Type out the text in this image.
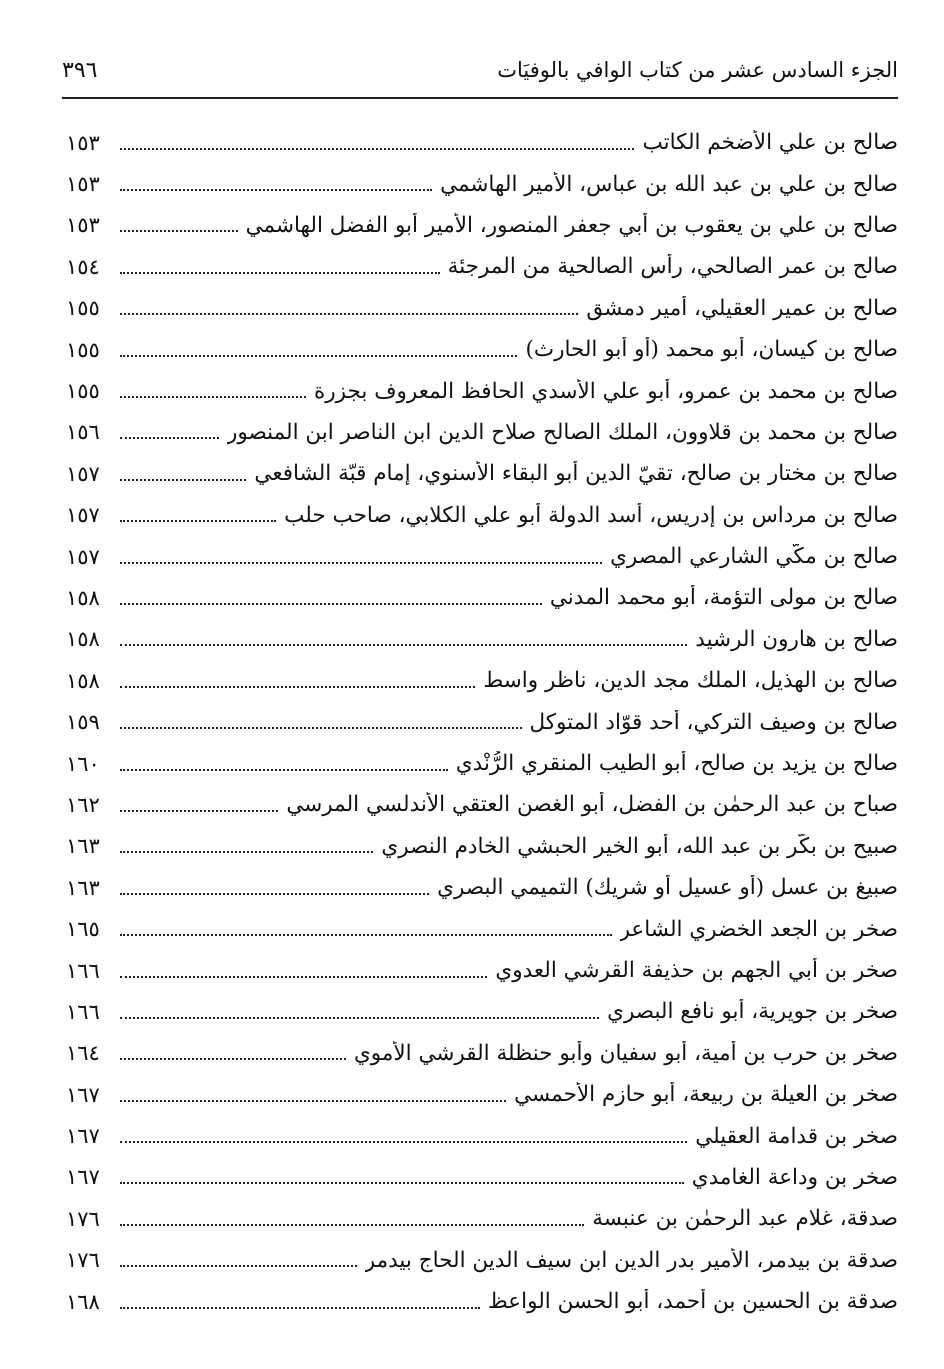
الجزء السادس عشر من كتاب الوافي بالوفيَات
٣٩٦
صالح بن علي الأضخم الكاتب
١٥٣
صالح بن علي بن عبد الله بن عباس، الأمير الهاشمي
١٥٣
صالح بن علي بن يعقوب بن أبي جعفر المنصور، الأمير أبو الفضل الهاشمي
١٥٣
صالح بن عمر الصالحي، رأس الصالحية من المرجئة
١٥٤
صالح بن عمير العقيلي، أمير دمشق
١٥٥
صالح بن كيسان، أبو محمد (أو أبو الحارث)
١٥٥
صالح بن محمد بن عمرو، أبو علي الأسدي الحافظ المعروف بجزرة
١٥٥
صالح بن محمد بن قلاوون، الملك الصالح صلاح الدين ابن الناصر ابن المنصور
١٥٦
صالح بن مختار بن صالح، تقيّ الدين أبو البقاء الأسنوي، إمام قبّة الشافعي
١٥٧
صالح بن مرداس بن إدريس، أسد الدولة أبو علي الكلابي، صاحب حلب
١٥٧
صالح بن مكّي الشارعي المصري
١٥٧
صالح بن مولى التؤمة، أبو محمد المدني
١٥٨
صالح بن هارون الرشيد
١٥٨
صالح بن الهذيل، الملك مجد الدين، ناظر واسط
١٥٨
صالح بن وصيف التركي، أحد قوّاد المتوكل
١٥٩
صالح بن يزيد بن صالح، أبو الطيب المنقري الرُّنْدي
١٦٠
صباح بن عبد الرحمٰن بن الفضل، أبو الغصن العتقي الأندلسي المرسي
١٦٢
صبيح بن بكّر بن عبد الله، أبو الخير الحبشي الخادم النصري
١٦٣
صبيغ بن عسل (أو عسيل أو شريك) التميمي البصري
١٦٣
صخر بن الجعد الخضري الشاعر
١٦٥
صخر بن أبي الجهم بن حذيفة القرشي العدوي
١٦٦
صخر بن جويرية، أبو نافع البصري
١٦٦
صخر بن حرب بن أمية، أبو سفيان وأبو حنظلة القرشي الأموي
١٦٤
صخر بن العيلة بن ربيعة، أبو حازم الأحمسي
١٦٧
صخر بن قدامة العقيلي
١٦٧
صخر بن وداعة الغامدي
١٦٧
صدقة، غلام عبد الرحمٰن بن عنبسة
١٧٦
صدقة بن بيدمر، الأمير بدر الدين ابن سيف الدين الحاج بيدمر
١٧٦
صدقة بن الحسين بن أحمد، أبو الحسن الواعظ
١٦٨
